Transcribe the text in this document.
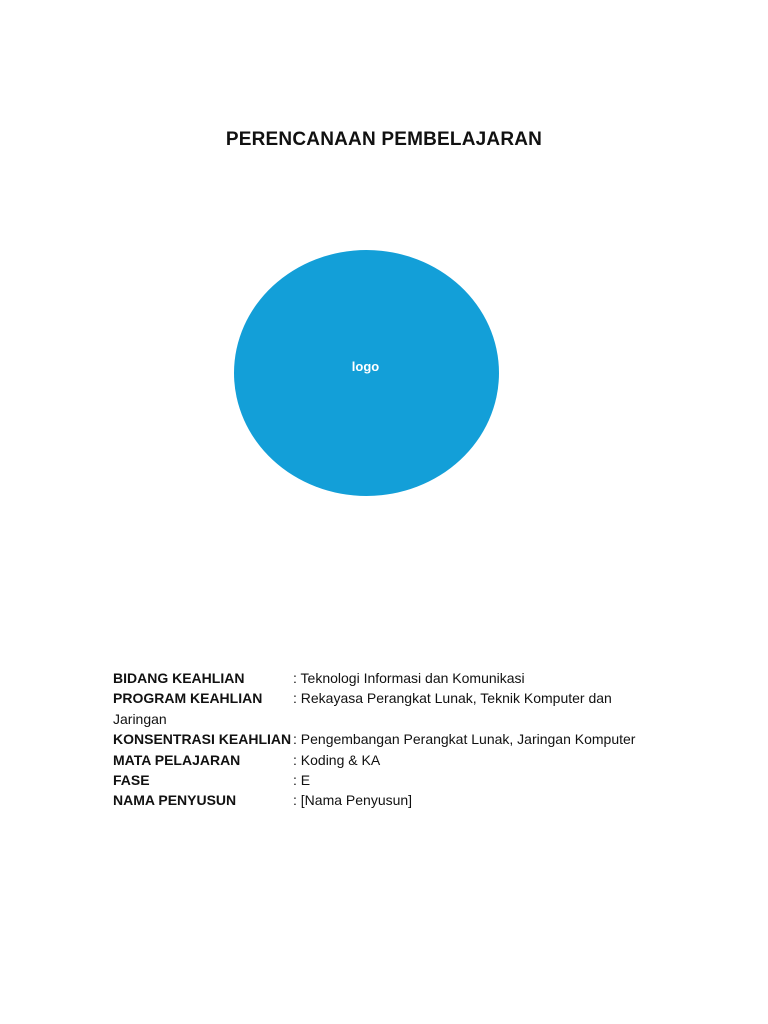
PERENCANAAN PEMBELAJARAN
logo
BIDANG KEAHLIAN	: Teknologi Informasi dan Komunikasi
PROGRAM KEAHLIAN : Rekayasa Perangkat Lunak, Teknik Komputer dan Jaringan
KONSENTRASI KEAHLIAN : Pengembangan Perangkat Lunak, Jaringan Komputer
MATA PELAJARAN	: Koding & KA
FASE	: E
NAMA PENYUSUN	: [Nama Penyusun]
